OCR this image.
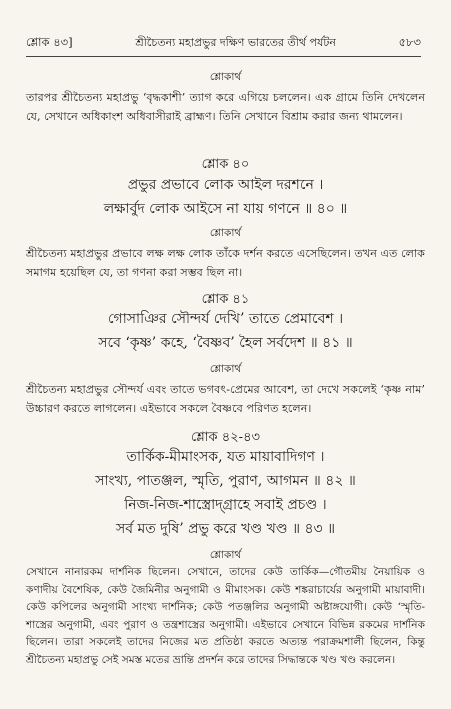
শ্লোক ৪৩]	শ্রীচৈতন্য মহাপ্রভুর দক্ষিণ ভারতের তীর্থ পর্যটন	৫৮৩
শ্লোকার্থ
তারপর শ্রীচৈতন্য মহাপ্রভু ‘বৃদ্ধকাশী’ ত্যাগ করে এগিয়ে চললেন। এক গ্রামে তিনি দেখলেন যে, সেখানে অধিকাংশ অধিবাসীরাই ব্রাহ্মণ। তিনি সেখানে বিশ্রাম করার জন্য থামলেন।
শ্লোক ৪০
প্রভুর প্রভাবে লোক আইল দরশনে ।
লক্ষার্বুদ লোক আইসে না যায় গণনে ॥ ৪০ ॥
শ্লোকার্থ
শ্রীচৈতন্য মহাপ্রভুর প্রভাবে লক্ষ লক্ষ লোক তাঁকে দর্শন করতে এসেছিলেন। তখন এত লোক সমাগম হয়েছিল যে, তা গণনা করা সম্ভব ছিল না।
শ্লোক ৪১
গোসাঞির সৌন্দর্য দেখি’ তাতে প্রেমাবেশ ।
সবে ‘কৃষ্ণ’ কহে, ‘বৈষ্ণব’ হৈল সর্বদেশ ॥ ৪১ ॥
শ্লোকার্থ
শ্রীচৈতন্য মহাপ্রভুর সৌন্দর্য এবং তাতে ভগবৎ-প্রেমের আবেশ, তা দেখে সকলেই ‘কৃষ্ণ নাম’ উচ্চারণ করতে লাগলেন। এইভাবে সকলে বৈষ্ণবে পরিণত হলেন।
শ্লোক ৪২-৪৩
তার্কিক-মীমাংসক, যত মায়াবাদিগণ ।
সাংখ্য, পাতঞ্জল, স্মৃতি, পুরাণ, আগমন ॥ ৪২ ॥
নিজ-নিজ-শাস্ত্রোদ্গ্রাহে সবাই প্রচণ্ড ।
সর্ব মত দুষি’ প্রভু করে খণ্ড খণ্ড ॥ ৪৩ ॥
শ্লোকার্থ
সেখানে নানারকম দার্শনিক ছিলেন। সেখানে, তাদের কেউ তার্কিক—গৌতমীয় নৈয়ায়িক ও কণাদীয় বৈশেষিক, কেউ জৈমিনীর অনুগামী ও মীমাংসক। কেউ শঙ্করাচার্যের অনুগামী মায়াবাদী। কেউ কপিলের অনুগামী সাংখ্য দার্শনিক; কেউ পতঞ্জলির অনুগামী অষ্টাঙ্গযোগী। কেউ ‘স্মৃতি-শাস্ত্রের অনুগামী, এবং পুরাণ ও তন্ত্রশাস্ত্রের অনুগামী। এইভাবে সেখানে বিভিন্ন রকমের দার্শনিক ছিলেন। তারা সকলেই তাদের নিজের মত প্রতিষ্ঠা করতে অত্যন্ত পরাক্রমশালী ছিলেন, কিন্তু শ্রীচৈতন্য মহাপ্রভু সেই সমস্ত মতের ভ্রান্তি প্রদর্শন করে তাদের সিদ্ধান্তকে খণ্ড খণ্ড করলেন।
